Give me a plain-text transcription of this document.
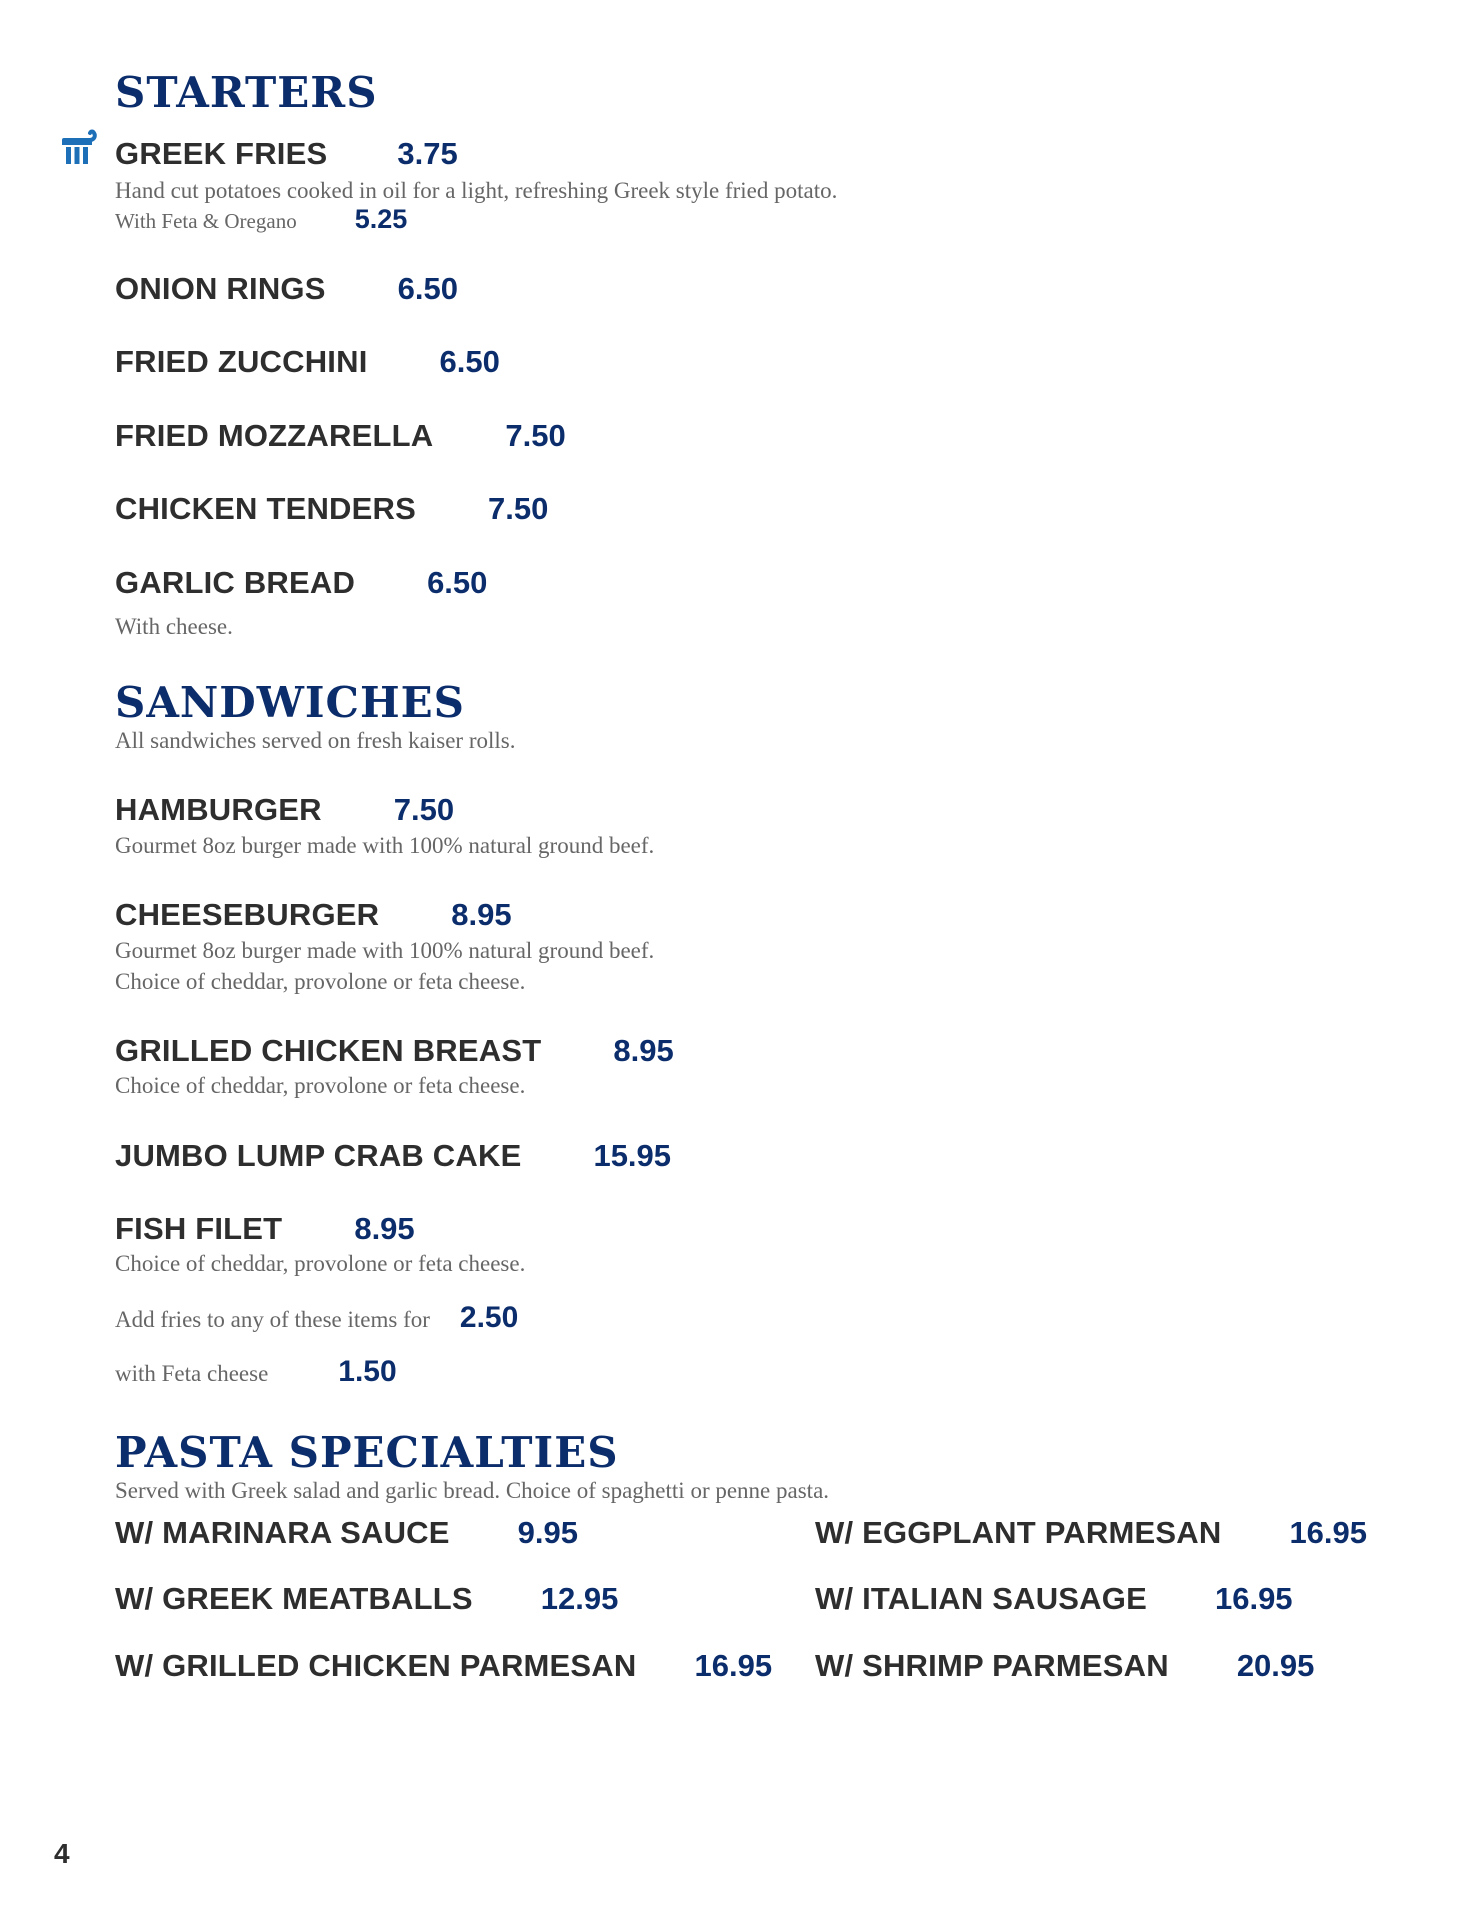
STARTERS
GREEK FRIES 3.75

Hand cut potatoes cooked in oil for a light, refreshing Greek style fried potato.

With Feta & Oregano 5.25
ONION RINGS 6.50
FRIED ZUCCHINI 6.50
FRIED MOZZARELLA 7.50
CHICKEN TENDERS 7.50
GARLIC BREAD 6.50

With cheese.

SANDWICHES

All sandwiches served on fresh kaiser rolls.

HAMBURGER 7.50

Gourmet 8oz burger made with 100% natural ground beef.

CHEESEBURGER 8.95

Gourmet 8oz burger made with 100% natural ground beef.

Choice of cheddar, provolone or feta cheese.

GRILLED CHICKEN BREAST 8.95

Choice of cheddar, provolone or feta cheese.

JUMBO LUMP CRAB CAKE 15.95
FISH FILET 8.95

Choice of cheddar, provolone or feta cheese.

Add fries to any of these items for 2.50
with Feta cheese 1.50
PASTA SPECIALTIES

Served with Greek salad and garlic bread. Choice of spaghetti or penne pasta.

W/ MARINARA SAUCE 9.95
W/ GREEK MEATBALLS 12.95
W/ GRILLED CHICKEN PARMESAN 16.95
W/ EGGPLANT PARMESAN 16.95
W/ ITALIAN SAUSAGE 16.95
W/ SHRIMP PARMESAN 20.95
4
